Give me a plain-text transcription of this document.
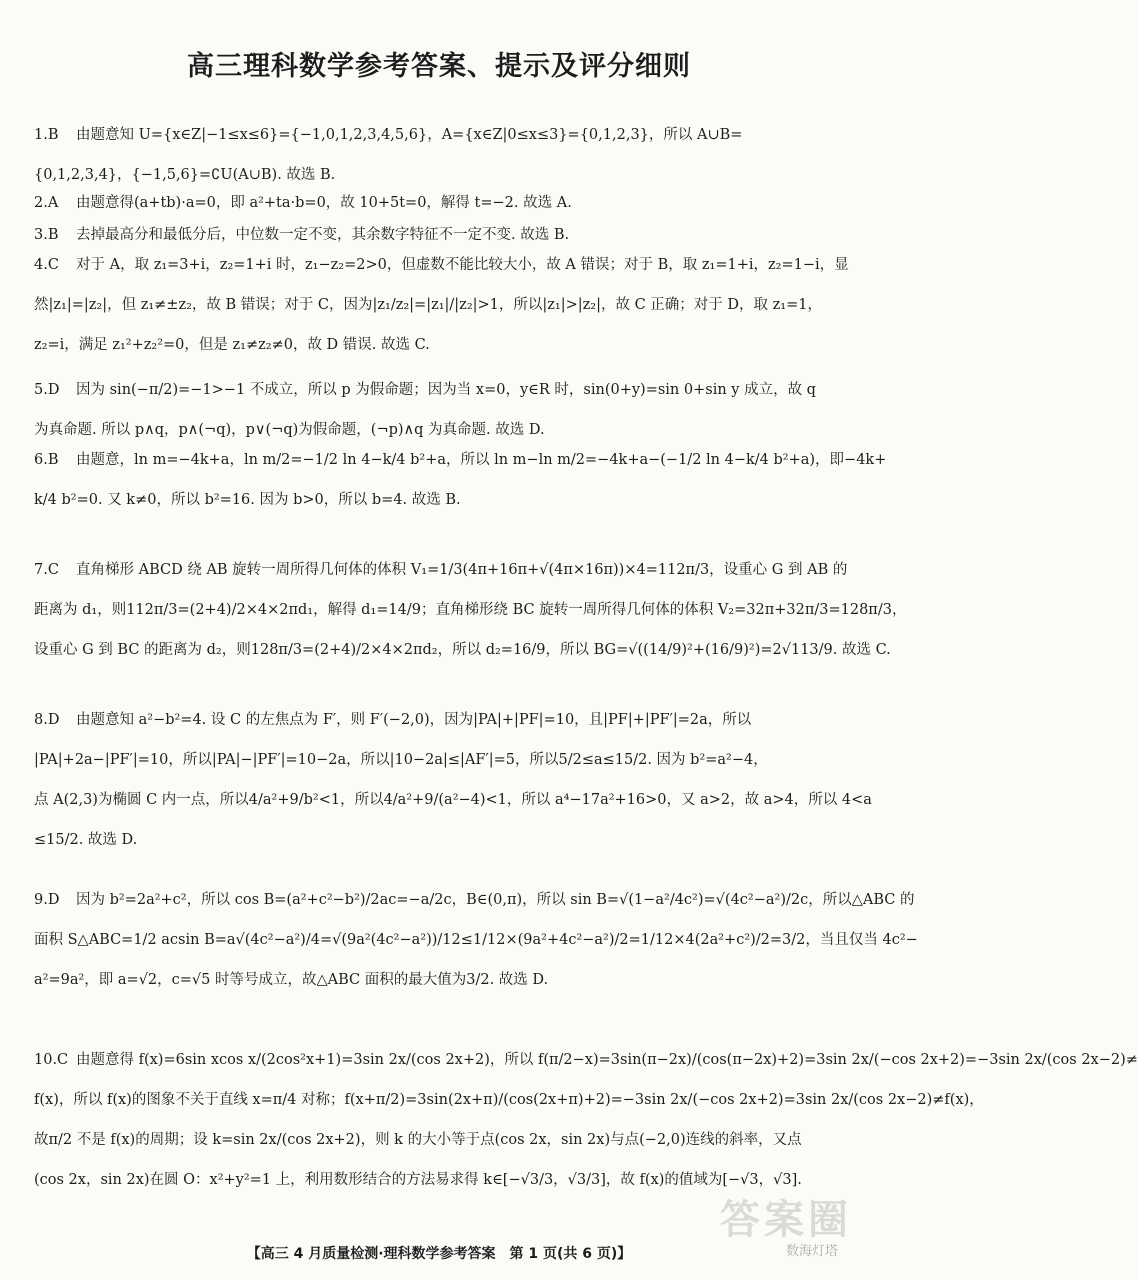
高三理科数学参考答案、提示及评分细则
1.B 由题意知 U={x∈Z|−1≤x≤6}={−1,0,1,2,3,4,5,6}，A={x∈Z|0≤x≤3}={0,1,2,3}，所以 A∪B=
{0,1,2,3,4}，{−1,5,6}=∁U(A∪B). 故选 B.
2.A 由题意得(a+tb)·a=0，即 a²+ta·b=0，故 10+5t=0，解得 t=−2. 故选 A.
3.B 去掉最高分和最低分后，中位数一定不变，其余数字特征不一定不变. 故选 B.
4.C 对于 A，取 z₁=3+i，z₂=1+i 时，z₁−z₂=2>0，但虚数不能比较大小，故 A 错误；对于 B，取 z₁=1+i，z₂=1−i，显
然|z₁|=|z₂|，但 z₁≠±z₂，故 B 错误；对于 C，因为|z₁/z₂|=|z₁|/|z₂|>1，所以|z₁|>|z₂|，故 C 正确；对于 D，取 z₁=1，
z₂=i，满足 z₁²+z₂²=0，但是 z₁≠z₂≠0，故 D 错误. 故选 C.
5.D 因为 sin(−π/2)=−1>−1 不成立，所以 p 为假命题；因为当 x=0，y∈R 时，sin(0+y)=sin 0+sin y 成立，故 q
为真命题. 所以 p∧q，p∧(¬q)，p∨(¬q)为假命题，(¬p)∧q 为真命题. 故选 D.
6.B 由题意，ln m=−4k+a，ln m/2=−1/2 ln 4−k/4 b²+a，所以 ln m−ln m/2=−4k+a−(−1/2 ln 4−k/4 b²+a)，即−4k+
k/4 b²=0. 又 k≠0，所以 b²=16. 因为 b>0，所以 b=4. 故选 B.
7.C 直角梯形 ABCD 绕 AB 旋转一周所得几何体的体积 V₁=1/3(4π+16π+√(4π×16π))×4=112π/3，设重心 G 到 AB 的
距离为 d₁，则112π/3=(2+4)/2×4×2πd₁，解得 d₁=14/9；直角梯形绕 BC 旋转一周所得几何体的体积 V₂=32π+32π/3=128π/3，
设重心 G 到 BC 的距离为 d₂，则128π/3=(2+4)/2×4×2πd₂，所以 d₂=16/9，所以 BG=√((14/9)²+(16/9)²)=2√113/9. 故选 C.
8.D 由题意知 a²−b²=4. 设 C 的左焦点为 F′，则 F′(−2,0)，因为|PA|+|PF|=10，且|PF|+|PF′|=2a，所以
|PA|+2a−|PF′|=10，所以|PA|−|PF′|=10−2a，所以|10−2a|≤|AF′|=5，所以5/2≤a≤15/2. 因为 b²=a²−4，
点 A(2,3)为椭圆 C 内一点，所以4/a²+9/b²<1，所以4/a²+9/(a²−4)<1，所以 a⁴−17a²+16>0，又 a>2，故 a>4，所以 4<a
≤15/2. 故选 D.
9.D 因为 b²=2a²+c²，所以 cos B=(a²+c²−b²)/2ac=−a/2c，B∈(0,π)，所以 sin B=√(1−a²/4c²)=√(4c²−a²)/2c，所以△ABC 的
面积 S△ABC=1/2 acsin B=a√(4c²−a²)/4=√(9a²(4c²−a²))/12≤1/12×(9a²+4c²−a²)/2=1/12×4(2a²+c²)/2=3/2，当且仅当 4c²−
a²=9a²，即 a=√2，c=√5 时等号成立，故△ABC 面积的最大值为3/2. 故选 D.
10.C 由题意得 f(x)=6sin xcos x/(2cos²x+1)=3sin 2x/(cos 2x+2)，所以 f(π/2−x)=3sin(π−2x)/(cos(π−2x)+2)=3sin 2x/(−cos 2x+2)=−3sin 2x/(cos 2x−2)≠
f(x)，所以 f(x)的图象不关于直线 x=π/4 对称；f(x+π/2)=3sin(2x+π)/(cos(2x+π)+2)=−3sin 2x/(−cos 2x+2)=3sin 2x/(cos 2x−2)≠f(x)，
故π/2 不是 f(x)的周期；设 k=sin 2x/(cos 2x+2)，则 k 的大小等于点(cos 2x，sin 2x)与点(−2,0)连线的斜率，又点
(cos 2x，sin 2x)在圆 O：x²+y²=1 上，利用数形结合的方法易求得 k∈[−√3/3，√3/3]，故 f(x)的值域为[−√3，√3].
答案圈
数海灯塔
【高三 4 月质量检测·理科数学参考答案　第 1 页(共 6 页)】
